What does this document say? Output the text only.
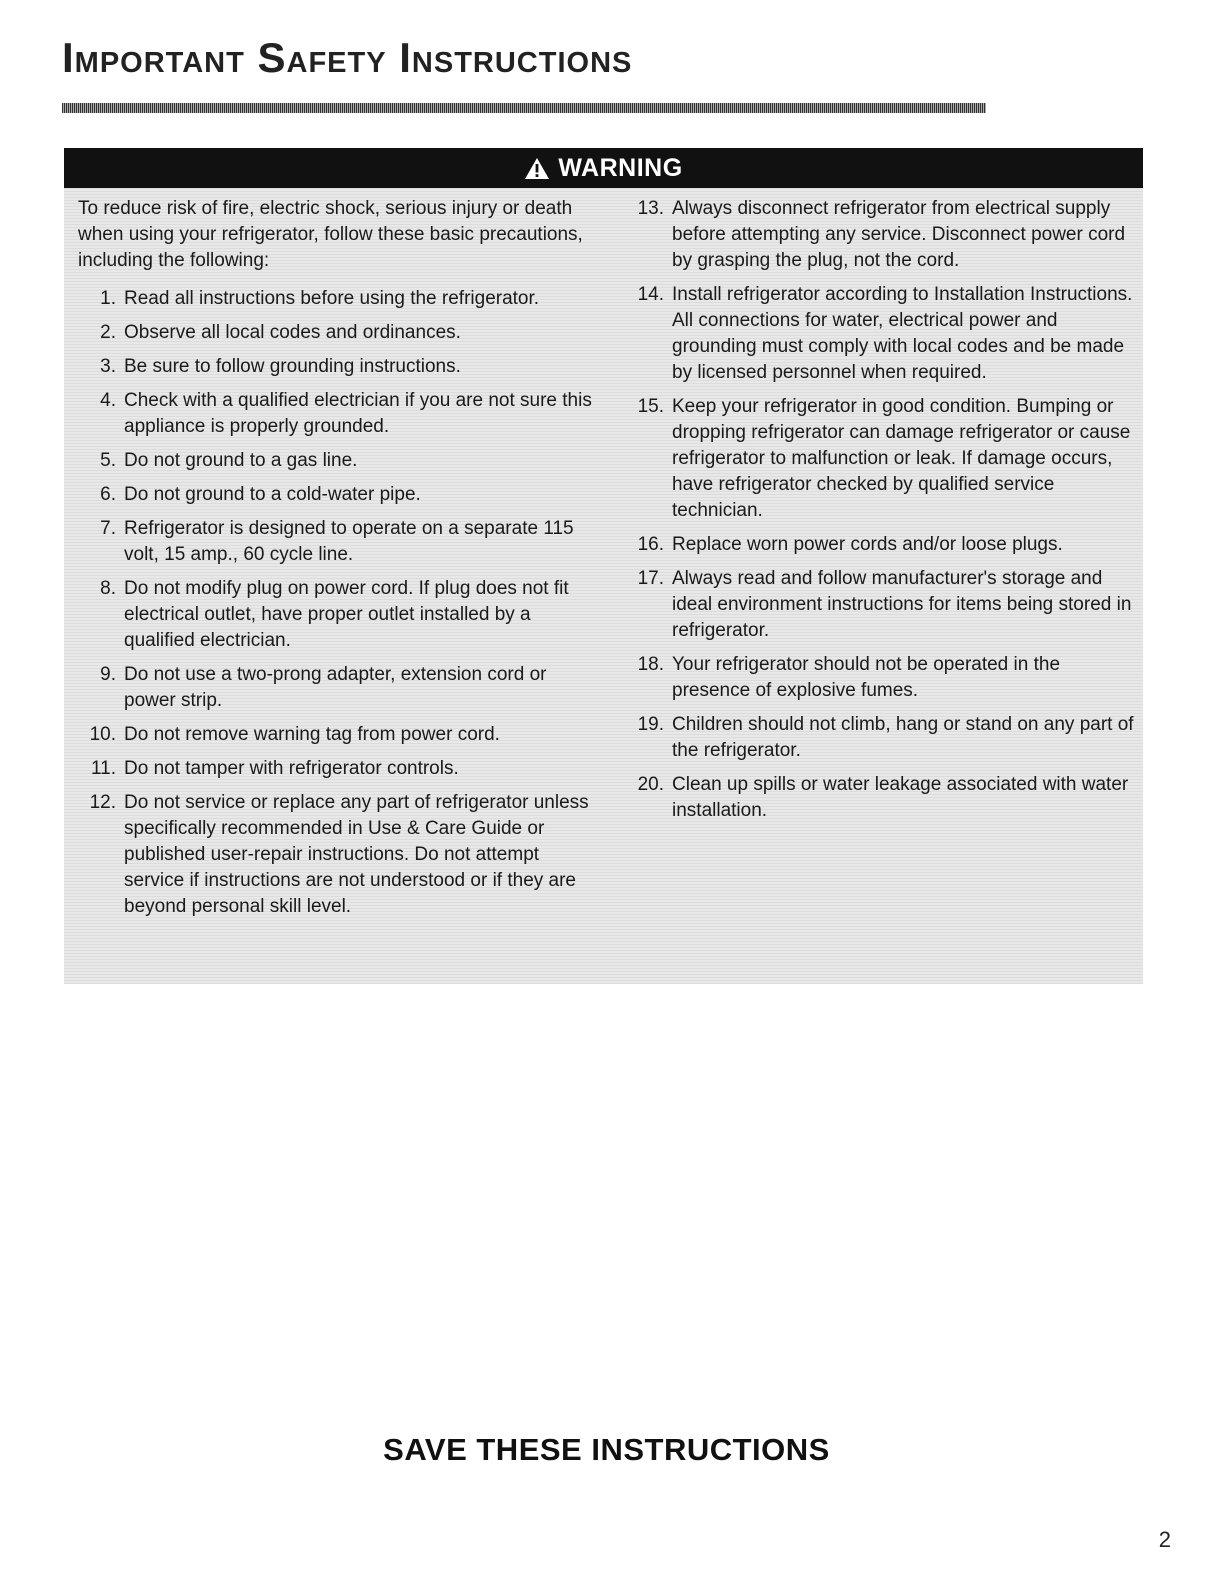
Important Safety Instructions
WARNING

To reduce risk of fire, electric shock, serious injury or death when using your refrigerator, follow these basic precautions, including the following:

1. Read all instructions before using the refrigerator.
2. Observe all local codes and ordinances.
3. Be sure to follow grounding instructions.
4. Check with a qualified electrician if you are not sure this appliance is properly grounded.
5. Do not ground to a gas line.
6. Do not ground to a cold-water pipe.
7. Refrigerator is designed to operate on a separate 115 volt, 15 amp., 60 cycle line.
8. Do not modify plug on power cord. If plug does not fit electrical outlet, have proper outlet installed by a qualified electrician.
9. Do not use a two-prong adapter, extension cord or power strip.
10. Do not remove warning tag from power cord.
11. Do not tamper with refrigerator controls.
12. Do not service or replace any part of refrigerator unless specifically recommended in Use & Care Guide or published user-repair instructions. Do not attempt service if instructions are not understood or if they are beyond personal skill level.
13. Always disconnect refrigerator from electrical supply before attempting any service. Disconnect power cord by grasping the plug, not the cord.
14. Install refrigerator according to Installation Instructions. All connections for water, electrical power and grounding must comply with local codes and be made by licensed personnel when required.
15. Keep your refrigerator in good condition. Bumping or dropping refrigerator can damage refrigerator or cause refrigerator to malfunction or leak. If damage occurs, have refrigerator checked by qualified service technician.
16. Replace worn power cords and/or loose plugs.
17. Always read and follow manufacturer's storage and ideal environment instructions for items being stored in refrigerator.
18. Your refrigerator should not be operated in the presence of explosive fumes.
19. Children should not climb, hang or stand on any part of the refrigerator.
20. Clean up spills or water leakage associated with water installation.
SAVE THESE INSTRUCTIONS
2
